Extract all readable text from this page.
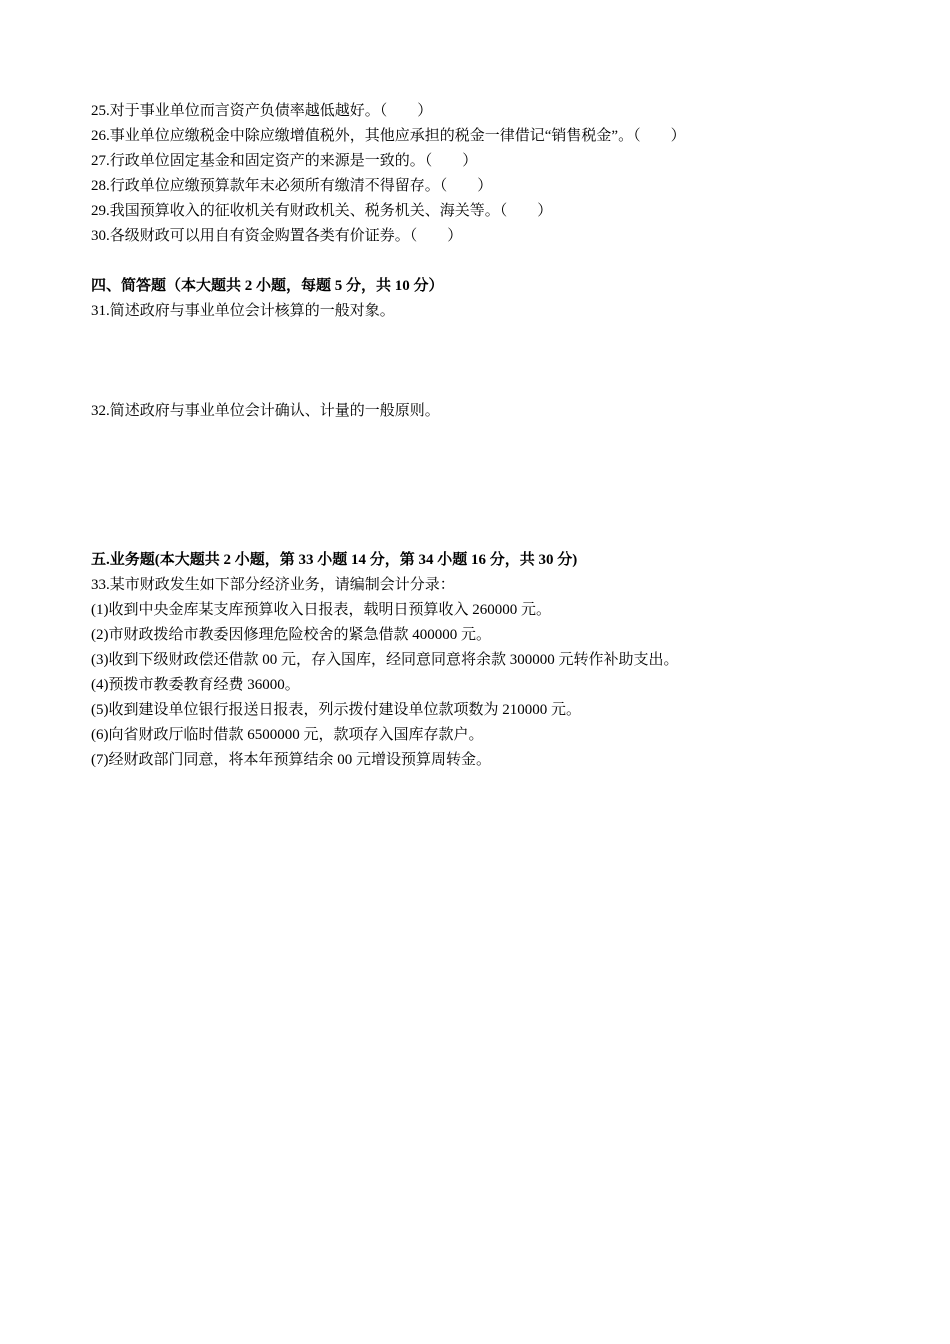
25.对于事业单位而言资产负债率越低越好。（　　）
26.事业单位应缴税金中除应缴增值税外，其他应承担的税金一律借记“销售税金”。（　　）
27.行政单位固定基金和固定资产的来源是一致的。（　　）
28.行政单位应缴预算款年末必须所有缴清不得留存。（　　）
29.我国预算收入的征收机关有财政机关、税务机关、海关等。（　　）
30.各级财政可以用自有资金购置各类有价证券。（　　）
四、简答题（本大题共 2 小题，每题 5 分，共 10 分）
31.简述政府与事业单位会计核算的一般对象。
32.简述政府与事业单位会计确认、计量的一般原则。
五.业务题(本大题共 2 小题，第 33 小题 14 分，第 34 小题 16 分，共 30 分)
33.某市财政发生如下部分经济业务，请编制会计分录：
(1)收到中央金库某支库预算收入日报表，载明日预算收入 260000 元。
(2)市财政拨给市教委因修理危险校舍的紧急借款 400000 元。
(3)收到下级财政偿还借款 00 元，存入国库，经同意同意将余款 300000 元转作补助支出。
(4)预拨市教委教育经费 36000。
(5)收到建设单位银行报送日报表，列示拨付建设单位款项数为 210000 元。
(6)向省财政厅临时借款 6500000 元，款项存入国库存款户。
(7)经财政部门同意，将本年预算结余 00 元增设预算周转金。
